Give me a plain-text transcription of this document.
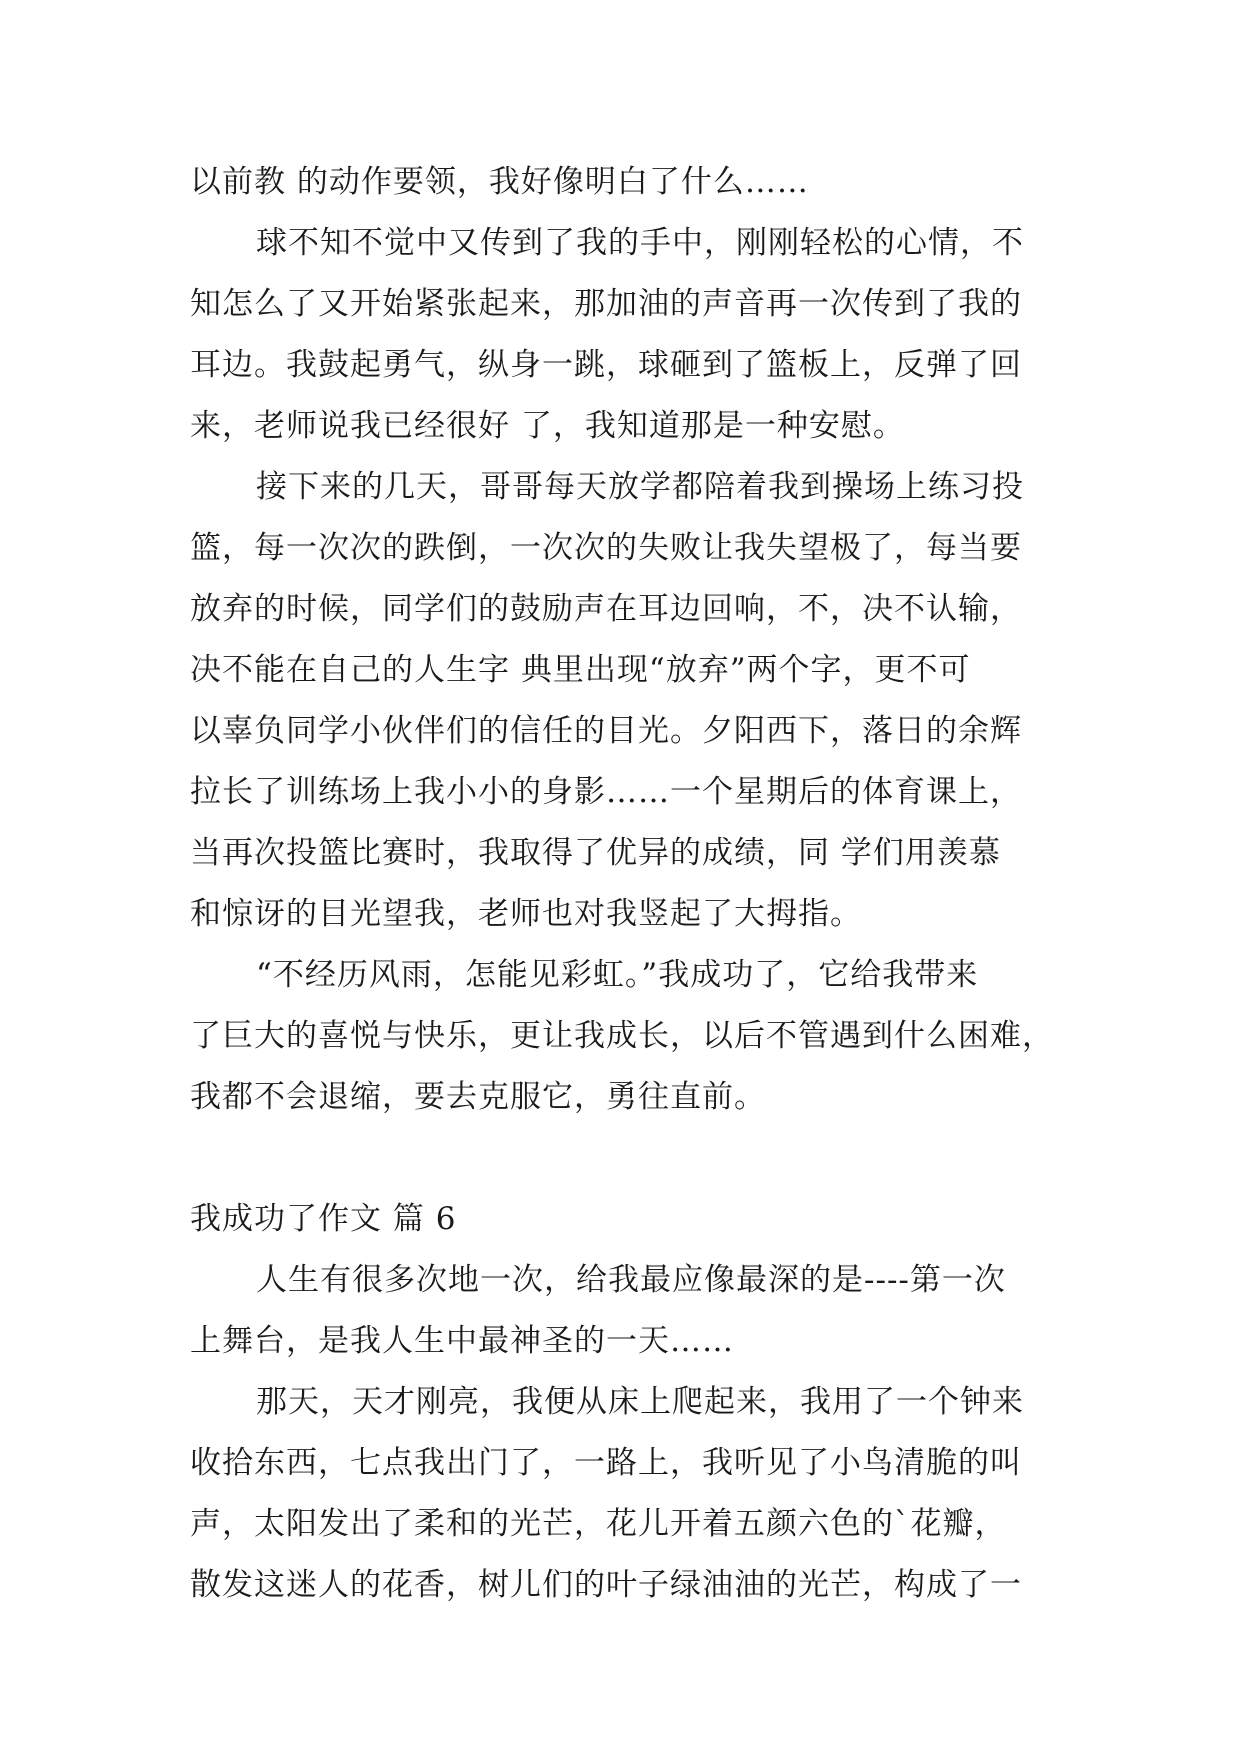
以前教 的动作要领，我好像明白了什么……
球不知不觉中又传到了我的手中，刚刚轻松的心情，不
知怎么了又开始紧张起来，那加油的声音再一次传到了我的
耳边。我鼓起勇气，纵身一跳，球砸到了篮板上，反弹了回
来，老师说我已经很好 了，我知道那是一种安慰。
接下来的几天，哥哥每天放学都陪着我到操场上练习投
篮，每一次次的跌倒，一次次的失败让我失望极了，每当要
放弃的时候，同学们的鼓励声在耳边回响，不，决不认输，
决不能在自己的人生字 典里出现“放弃”两个字，更不可
以辜负同学小伙伴们的信任的目光。夕阳西下，落日的余辉
拉长了训练场上我小小的身影……一个星期后的体育课上，
当再次投篮比赛时，我取得了优异的成绩，同 学们用羡慕
和惊讶的目光望我，老师也对我竖起了大拇指。
“不经历风雨，怎能见彩虹。”我成功了，它给我带来
了巨大的喜悦与快乐，更让我成长，以后不管遇到什么困难，
我都不会退缩，要去克服它，勇往直前。
我成功了作文 篇 6
人生有很多次地一次，给我最应像最深的是----第一次
上舞台，是我人生中最神圣的一天……
那天，天才刚亮，我便从床上爬起来，我用了一个钟来
收拾东西，七点我出门了，一路上，我听见了小鸟清脆的叫
声，太阳发出了柔和的光芒，花儿开着五颜六色的`花瓣，
散发这迷人的花香，树儿们的叶子绿油油的光芒，构成了一
